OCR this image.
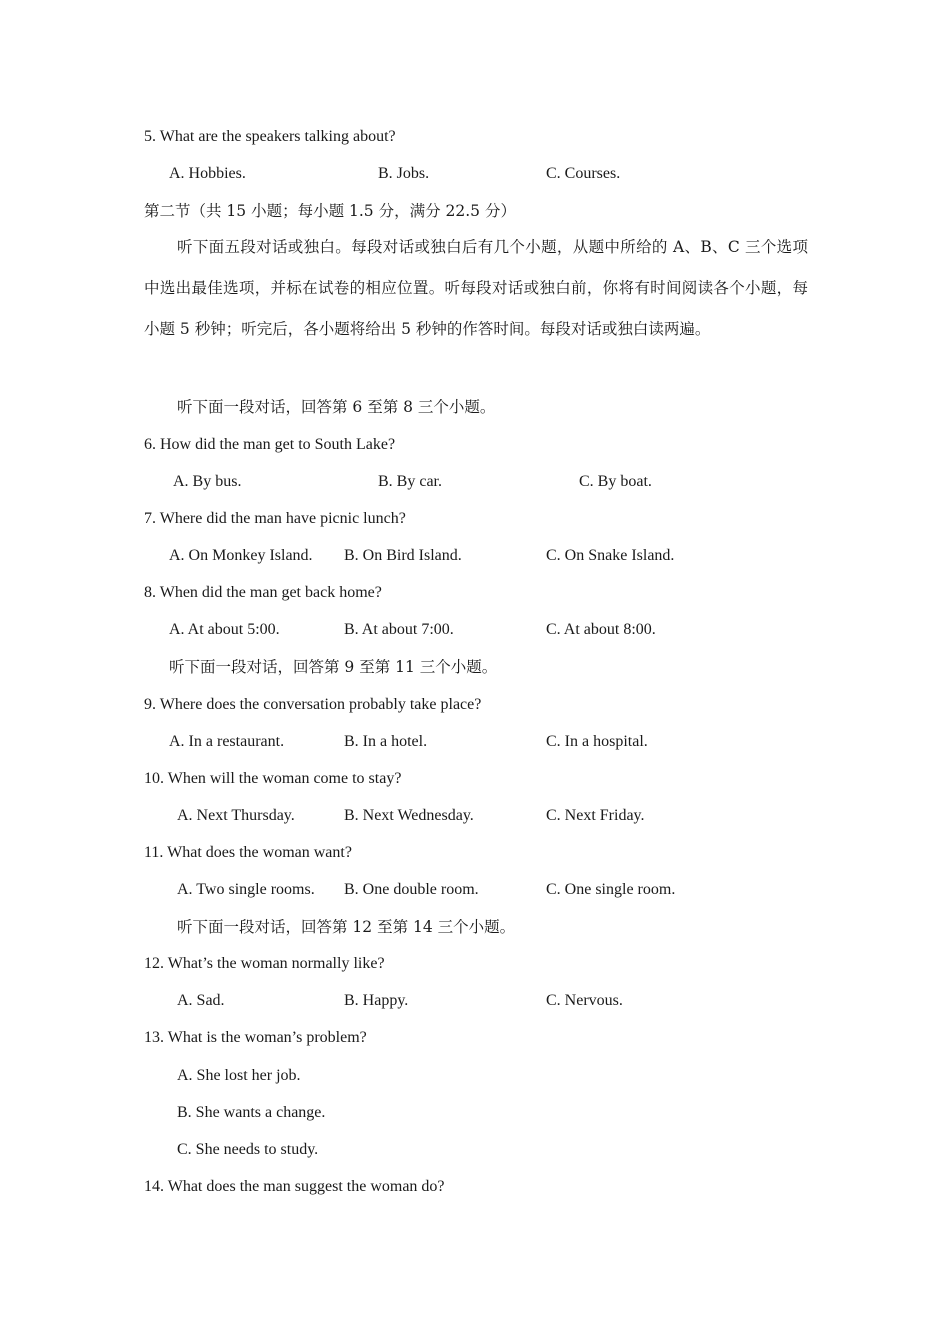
5. What are the speakers talking about?
A. Hobbies.	B. Jobs.	C. Courses.
第二节（共 15 小题；每小题 1.5 分，满分 22.5 分）
听下面五段对话或独白。每段对话或独白后有几个小题，从题中所给的 A、B、C 三个选项中选出最佳选项，并标在试卷的相应位置。听每段对话或独白前，你将有时间阅读各个小题，每小题 5 秒钟；听完后，各小题将给出 5 秒钟的作答时间。每段对话或独白读两遍。
听下面一段对话，回答第 6 至第 8 三个小题。
6. How did the man get to South Lake?
A. By bus.	B. By car.	C. By boat.
7. Where did the man have picnic lunch?
A. On Monkey Island. B. On Bird Island.	C. On Snake Island.
8. When did the man get back home?
A. At about 5:00.	B. At about 7:00.	C. At about 8:00.
听下面一段对话，回答第 9 至第 11 三个小题。
9. Where does the conversation probably take place?
A. In a restaurant.	B. In a hotel.	C. In a hospital.
10. When will the woman come to stay?
A. Next Thursday.	B. Next Wednesday.	C. Next Friday.
11. What does the woman want?
A. Two single rooms. B. One double room.	C. One single room.
听下面一段对话，回答第 12 至第 14 三个小题。
12. What’s the woman normally like?
A. Sad.	B. Happy.	C. Nervous.
13. What is the woman’s problem?
A. She lost her job.
B. She wants a change.
C. She needs to study.
14. What does the man suggest the woman do?
